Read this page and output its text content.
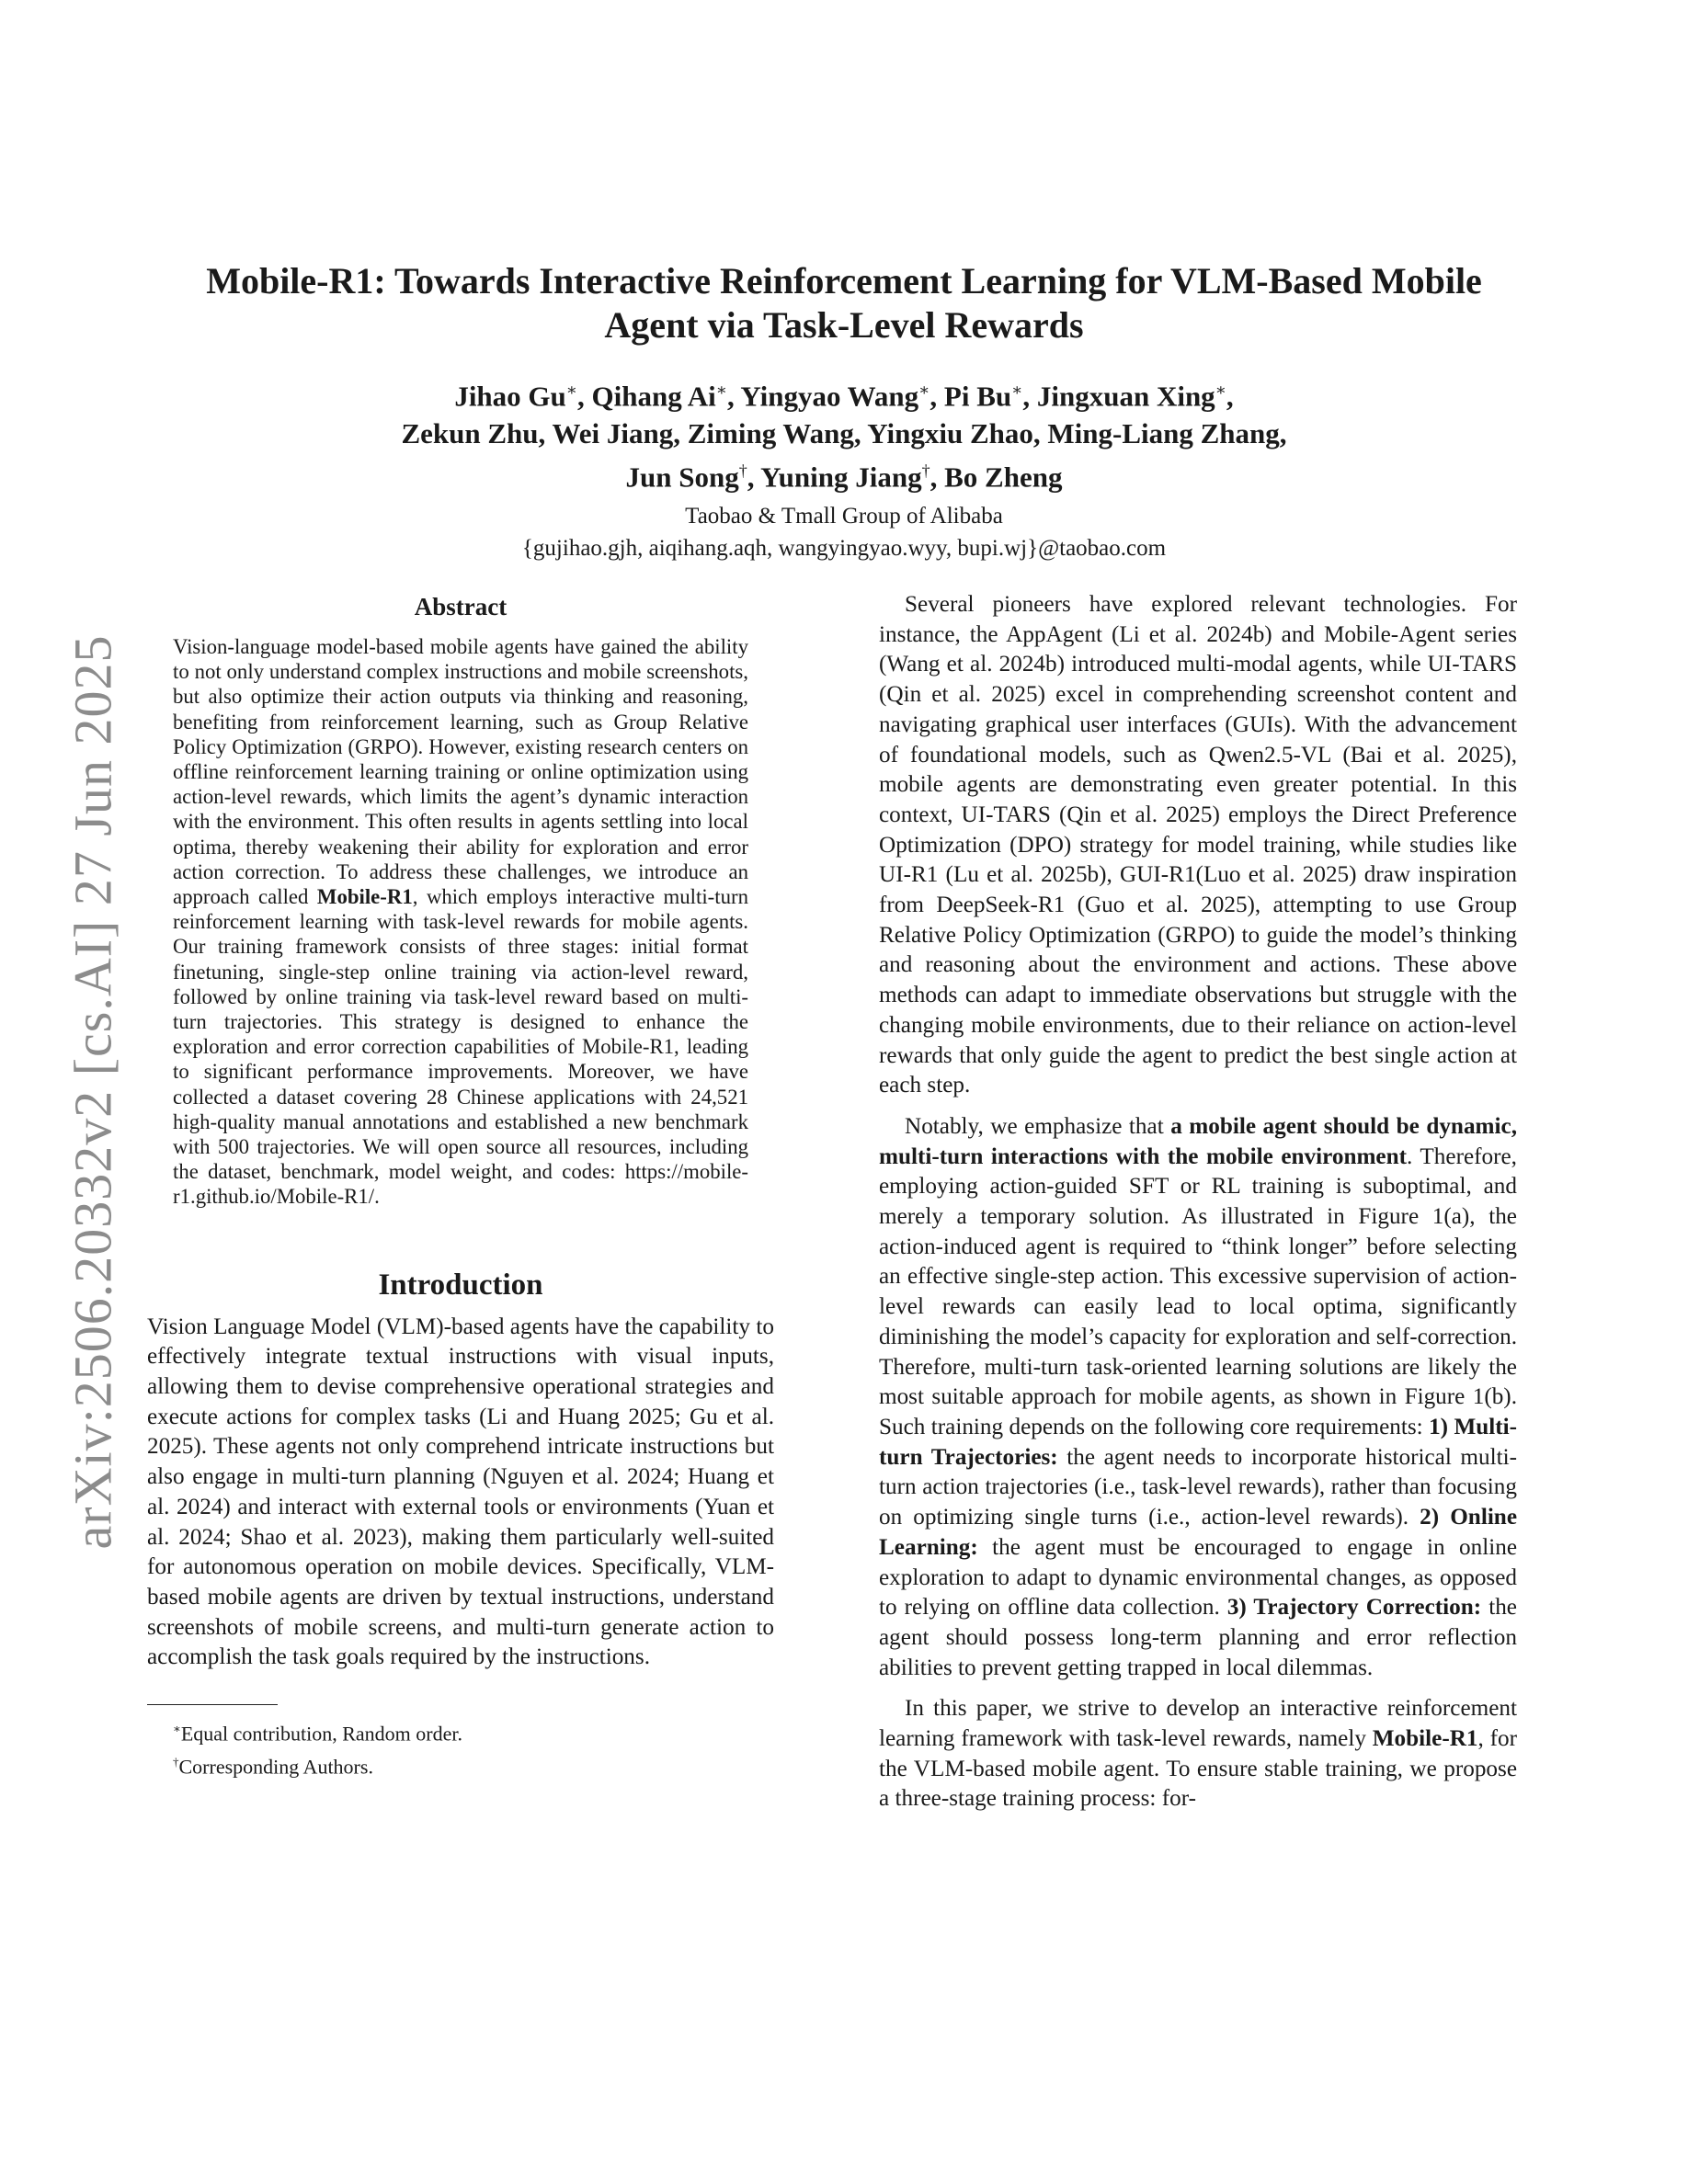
arXiv:2506.20332v2 [cs.AI] 27 Jun 2025
Mobile-R1: Towards Interactive Reinforcement Learning for VLM-Based Mobile
Agent via Task-Level Rewards
Jihao Gu∗, Qihang Ai∗, Yingyao Wang∗, Pi Bu∗, Jingxuan Xing∗,
Zekun Zhu, Wei Jiang, Ziming Wang, Yingxiu Zhao, Ming-Liang Zhang,
Jun Song†, Yuning Jiang†, Bo Zheng
Taobao & Tmall Group of Alibaba
{gujihao.gjh, aiqihang.aqh, wangyingyao.wyy, bupi.wj}@taobao.com
Abstract

Vision-language model-based mobile agents have gained the ability to not only understand complex instructions and mobile screenshots, but also optimize their action outputs via thinking and reasoning, benefiting from reinforcement learning, such as Group Relative Policy Optimization (GRPO). However, existing research centers on offline reinforcement learning training or online optimization using action-level rewards, which limits the agent’s dynamic interaction with the environment. This often results in agents settling into local optima, thereby weakening their ability for exploration and error action correction. To address these challenges, we introduce an approach called Mobile-R1, which employs interactive multi-turn reinforcement learning with task-level rewards for mobile agents. Our training framework consists of three stages: initial format finetuning, single-step online training via action-level reward, followed by online training via task-level reward based on multi-turn trajectories. This strategy is designed to enhance the exploration and error correction capabilities of Mobile-R1, leading to significant performance improvements. Moreover, we have collected a dataset covering 28 Chinese applications with 24,521 high-quality manual annotations and established a new benchmark with 500 trajectories. We will open source all resources, including the dataset, benchmark, model weight, and codes: https://mobile-r1.github.io/Mobile-R1/.

Introduction

Vision Language Model (VLM)-based agents have the capability to effectively integrate textual instructions with visual inputs, allowing them to devise comprehensive operational strategies and execute actions for complex tasks (Li and Huang 2025; Gu et al. 2025). These agents not only comprehend intricate instructions but also engage in multi-turn planning (Nguyen et al. 2024; Huang et al. 2024) and interact with external tools or environments (Yuan et al. 2024; Shao et al. 2023), making them particularly well-suited for autonomous operation on mobile devices. Specifically, VLM-based mobile agents are driven by textual instructions, understand screenshots of mobile screens, and multi-turn generate action to accomplish the task goals required by the instructions.

∗Equal contribution, Random order.
†Corresponding Authors.

Several pioneers have explored relevant technologies. For instance, the AppAgent (Li et al. 2024b) and Mobile-Agent series (Wang et al. 2024b) introduced multi-modal agents, while UI-TARS (Qin et al. 2025) excel in comprehending screenshot content and navigating graphical user interfaces (GUIs). With the advancement of foundational models, such as Qwen2.5-VL (Bai et al. 2025), mobile agents are demonstrating even greater potential. In this context, UI-TARS (Qin et al. 2025) employs the Direct Preference Optimization (DPO) strategy for model training, while studies like UI-R1 (Lu et al. 2025b), GUI-R1(Luo et al. 2025) draw inspiration from DeepSeek-R1 (Guo et al. 2025), attempting to use Group Relative Policy Optimization (GRPO) to guide the model’s thinking and reasoning about the environment and actions. These above methods can adapt to immediate observations but struggle with the changing mobile environments, due to their reliance on action-level rewards that only guide the agent to predict the best single action at each step.

Notably, we emphasize that a mobile agent should be dynamic, multi-turn interactions with the mobile environment. Therefore, employing action-guided SFT or RL training is suboptimal, and merely a temporary solution. As illustrated in Figure 1(a), the action-induced agent is required to “think longer” before selecting an effective single-step action. This excessive supervision of action-level rewards can easily lead to local optima, significantly diminishing the model’s capacity for exploration and self-correction. Therefore, multi-turn task-oriented learning solutions are likely the most suitable approach for mobile agents, as shown in Figure 1(b). Such training depends on the following core requirements: 1) Multi-turn Trajectories: the agent needs to incorporate historical multi-turn action trajectories (i.e., task-level rewards), rather than focusing on optimizing single turns (i.e., action-level rewards). 2) Online Learning: the agent must be encouraged to engage in online exploration to adapt to dynamic environmental changes, as opposed to relying on offline data collection. 3) Trajectory Correction: the agent should possess long-term planning and error reflection abilities to prevent getting trapped in local dilemmas.

In this paper, we strive to develop an interactive reinforcement learning framework with task-level rewards, namely Mobile-R1, for the VLM-based mobile agent. To ensure stable training, we propose a three-stage training process: for-
